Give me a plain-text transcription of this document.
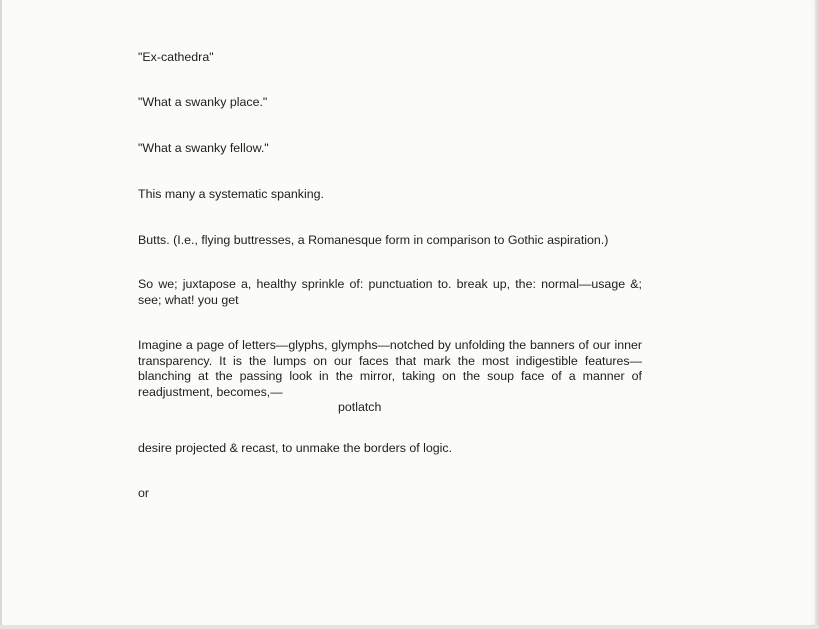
"Ex-cathedra"

"What a swanky place."

"What a swanky fellow."

This many a systematic spanking.

Butts. (I.e., flying buttresses, a Romanesque form in comparison to Gothic aspiration.)

So we; juxtapose a, healthy sprinkle of: punctuation to. break up, the: normal—usage &; see; what! you get

Imagine a page of letters—glyphs, glymphs—notched by unfolding the banners of our inner transparency. It is the lumps on our faces that mark the most indigestible features—blanching at the passing look in the mirror, taking on the soup face of a manner of readjustment, becomes,—
potlatch

desire projected & recast, to unmake the borders of logic.

or
